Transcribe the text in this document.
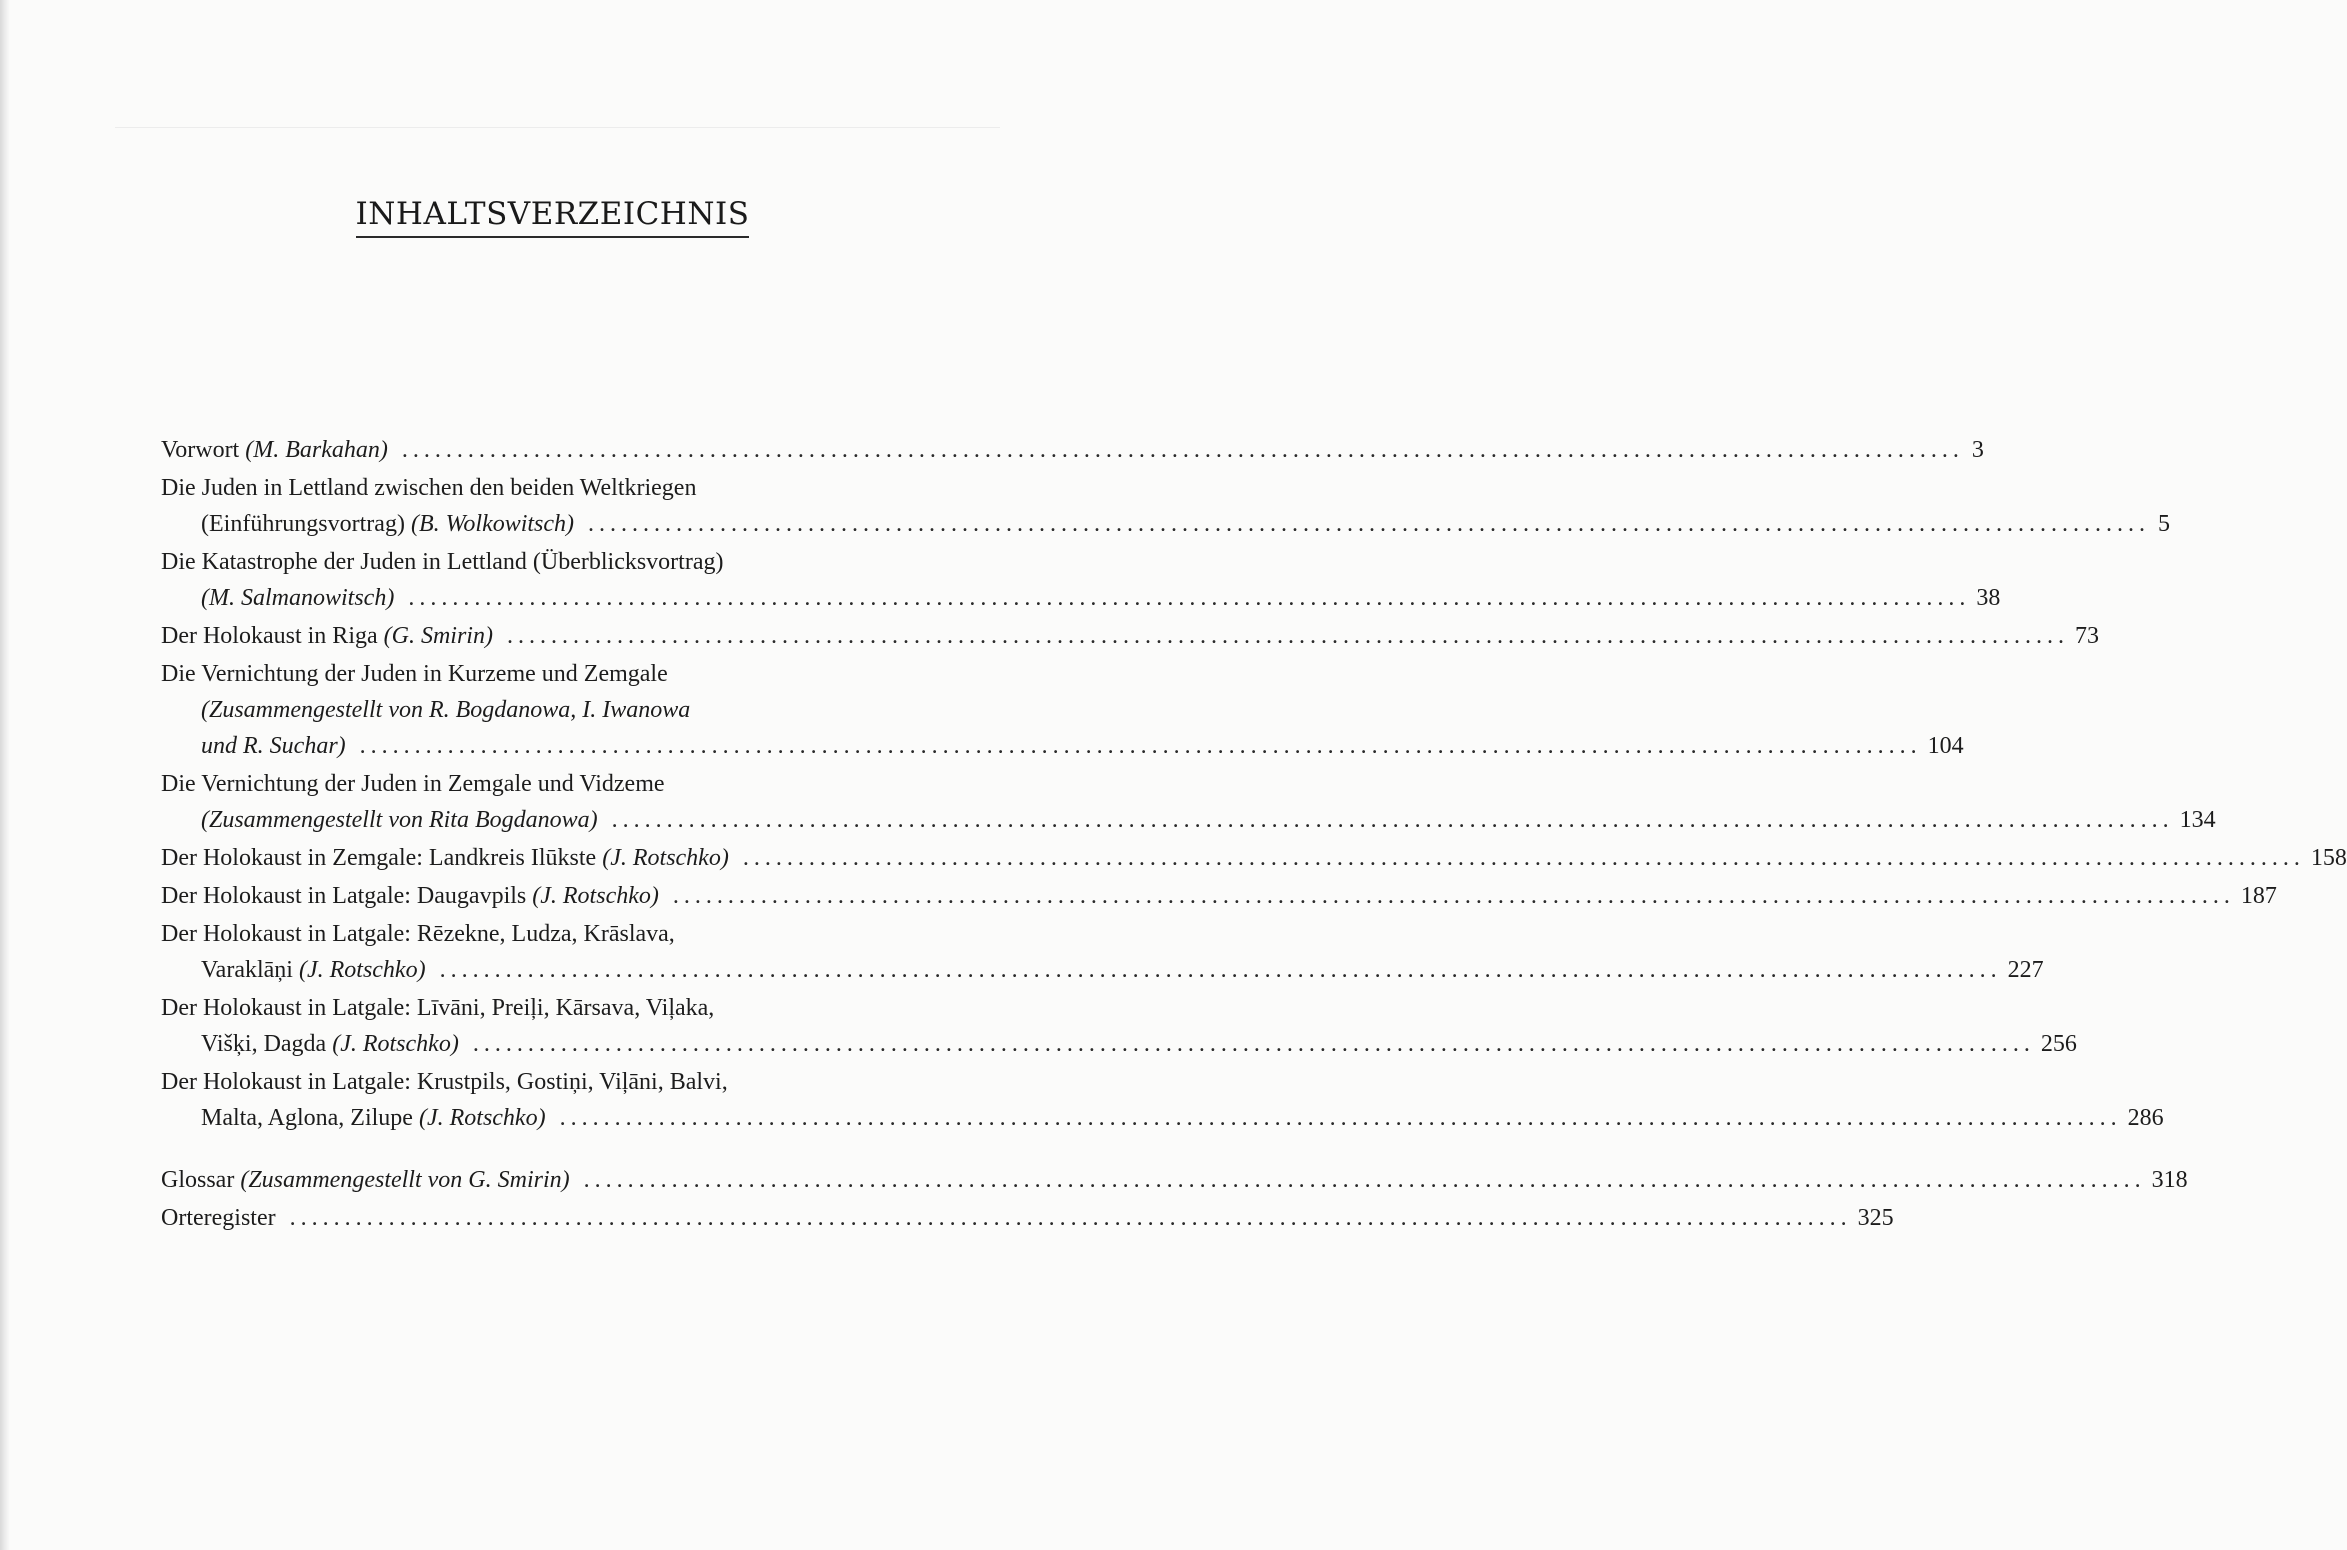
INHALTSVERZEICHNIS
Vorwort (M. Barkahan) .............................................................................................................................................. 3
Die Juden in Lettland zwischen den beiden Weltkriegen
(Einführungsvortrag) (B. Wolkowitsch) .............................................................................................................................................. 5
Die Katastrophe der Juden in Lettland (Überblicksvortrag)
(M. Salmanowitsch) .............................................................................................................................................. 38
Der Holokaust in Riga (G. Smirin) .............................................................................................................................................. 73
Die Vernichtung der Juden in Kurzeme und Zemgale
(Zusammengestellt von R. Bogdanowa, I. Iwanowa
und R. Suchar) .............................................................................................................................................. 104
Die Vernichtung der Juden in Zemgale und Vidzeme
(Zusammengestellt von Rita Bogdanowa) .............................................................................................................................................. 134
Der Holokaust in Zemgale: Landkreis Ilūkste (J. Rotschko) .............................................................................................................................................. 158
Der Holokaust in Latgale: Daugavpils (J. Rotschko) .............................................................................................................................................. 187
Der Holokaust in Latgale: Rēzekne, Ludza, Krāslava,
Varaklāņi (J. Rotschko) .............................................................................................................................................. 227
Der Holokaust in Latgale: Līvāni, Preiļi, Kārsava, Viļaka,
Višķi, Dagda (J. Rotschko) .............................................................................................................................................. 256
Der Holokaust in Latgale: Krustpils, Gostiņi, Viļāni, Balvi,
Malta, Aglona, Zilupe (J. Rotschko) .............................................................................................................................................. 286
Glossar (Zusammengestellt von G. Smirin) .............................................................................................................................................. 318
Orteregister .............................................................................................................................................. 325
